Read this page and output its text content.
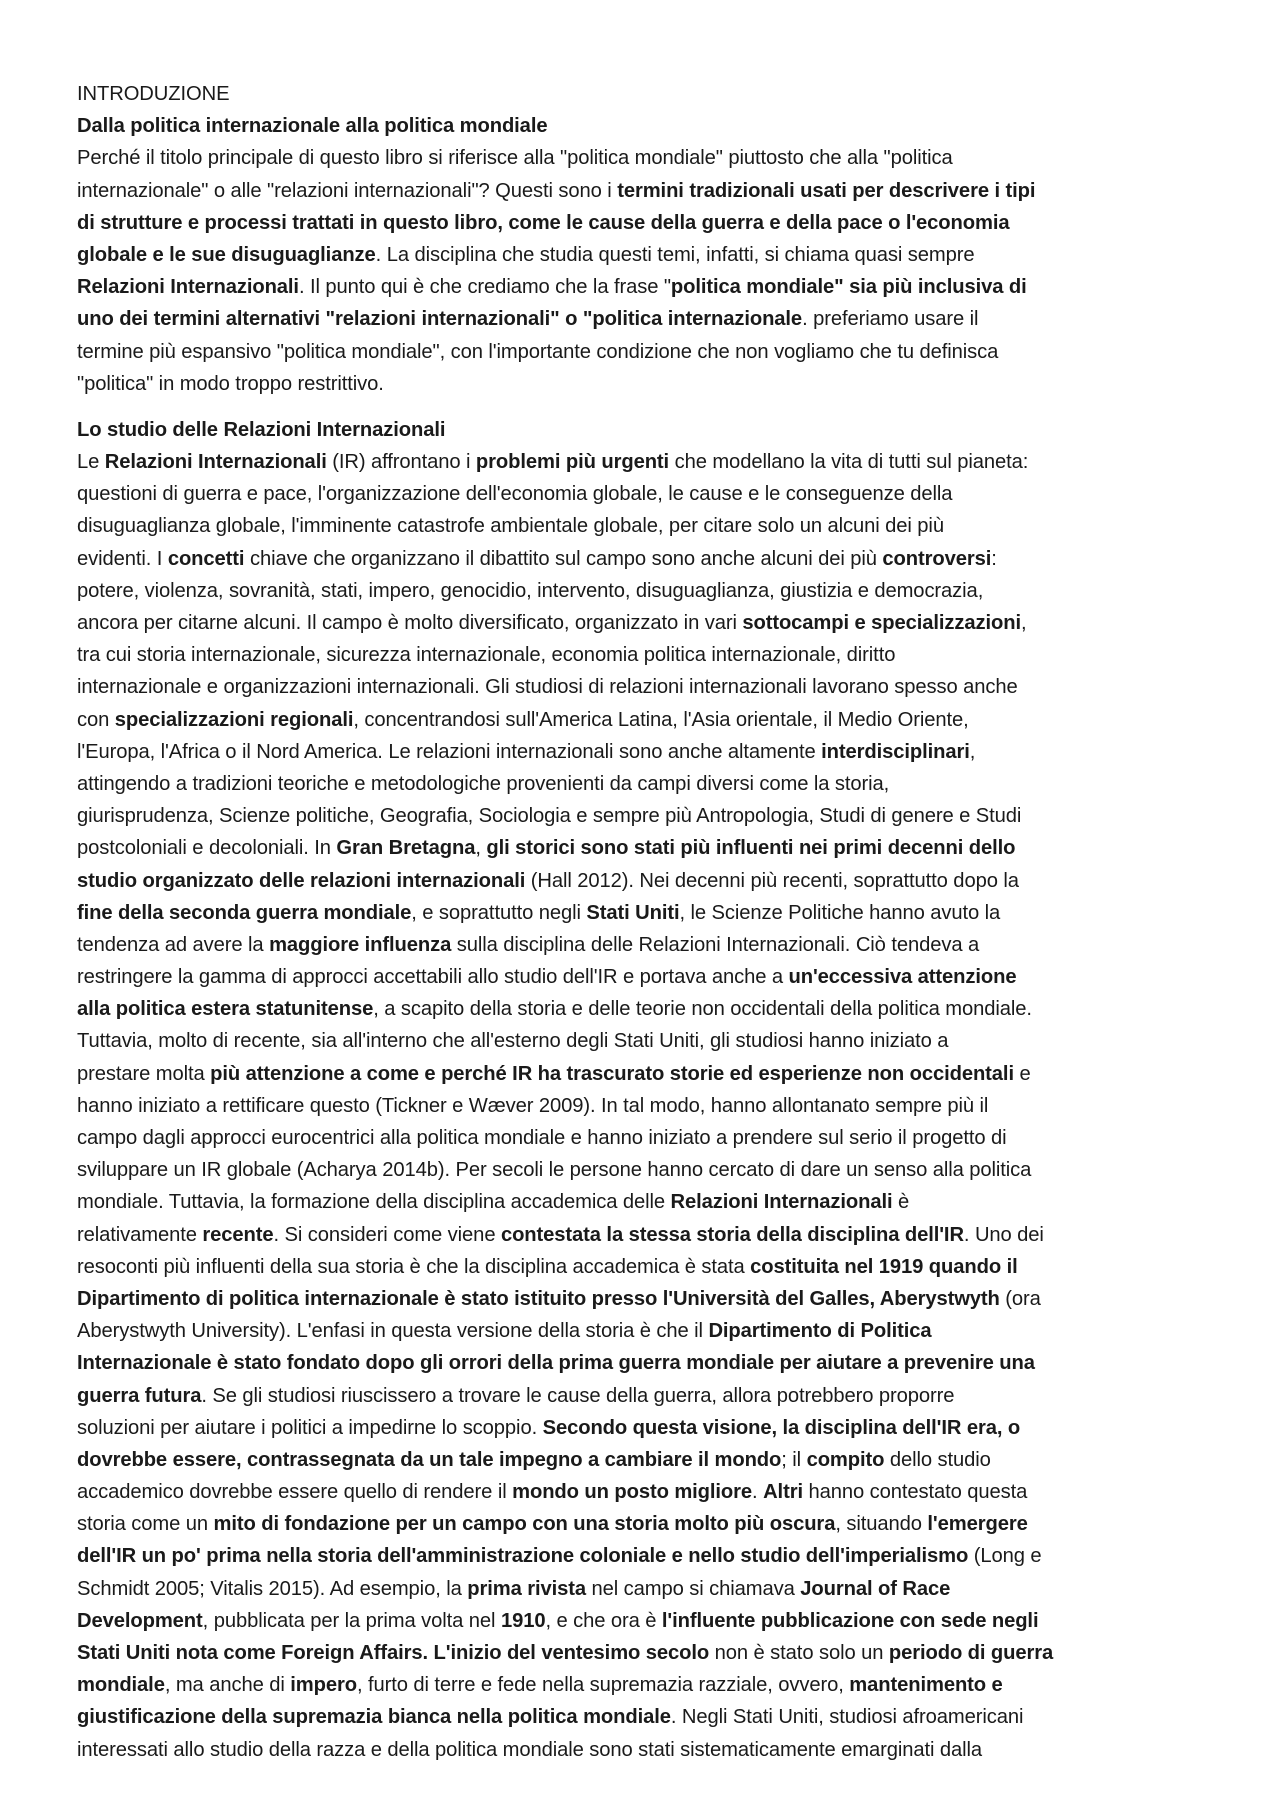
INTRODUZIONE
Dalla politica internazionale alla politica mondiale
Perché il titolo principale di questo libro si riferisce alla "politica mondiale" piuttosto che alla "politica
internazionale" o alle "relazioni internazionali"? Questi sono i termini tradizionali usati per descrivere i tipi
di strutture e processi trattati in questo libro, come le cause della guerra e della pace o l'economia
globale e le sue disuguaglianze. La disciplina che studia questi temi, infatti, si chiama quasi sempre
Relazioni Internazionali. Il punto qui è che crediamo che la frase "politica mondiale" sia più inclusiva di
uno dei termini alternativi "relazioni internazionali" o "politica internazionale. preferiamo usare il
termine più espansivo "politica mondiale", con l'importante condizione che non vogliamo che tu definisca
"politica" in modo troppo restrittivo.
Lo studio delle Relazioni Internazionali
Le Relazioni Internazionali (IR) affrontano i problemi più urgenti che modellano la vita di tutti sul pianeta:
questioni di guerra e pace, l'organizzazione dell'economia globale, le cause e le conseguenze della
disuguaglianza globale, l'imminente catastrofe ambientale globale, per citare solo un alcuni dei più
evidenti. I concetti chiave che organizzano il dibattito sul campo sono anche alcuni dei più controversi:
potere, violenza, sovranità, stati, impero, genocidio, intervento, disuguaglianza, giustizia e democrazia,
ancora per citarne alcuni. Il campo è molto diversificato, organizzato in vari sottocampi e specializzazioni,
tra cui storia internazionale, sicurezza internazionale, economia politica internazionale, diritto
internazionale e organizzazioni internazionali. Gli studiosi di relazioni internazionali lavorano spesso anche
con specializzazioni regionali, concentrandosi sull'America Latina, l'Asia orientale, il Medio Oriente,
l'Europa, l'Africa o il Nord America. Le relazioni internazionali sono anche altamente interdisciplinari,
attingendo a tradizioni teoriche e metodologiche provenienti da campi diversi come la storia,
giurisprudenza, Scienze politiche, Geografia, Sociologia e sempre più Antropologia, Studi di genere e Studi
postcoloniali e decoloniali. In Gran Bretagna, gli storici sono stati più influenti nei primi decenni dello
studio organizzato delle relazioni internazionali (Hall 2012). Nei decenni più recenti, soprattutto dopo la
fine della seconda guerra mondiale, e soprattutto negli Stati Uniti, le Scienze Politiche hanno avuto la
tendenza ad avere la maggiore influenza sulla disciplina delle Relazioni Internazionali. Ciò tendeva a
restringere la gamma di approcci accettabili allo studio dell'IR e portava anche a un'eccessiva attenzione
alla politica estera statunitense, a scapito della storia e delle teorie non occidentali della politica mondiale.
Tuttavia, molto di recente, sia all'interno che all'esterno degli Stati Uniti, gli studiosi hanno iniziato a
prestare molta più attenzione a come e perché IR ha trascurato storie ed esperienze non occidentali e
hanno iniziato a rettificare questo (Tickner e Wæver 2009). In tal modo, hanno allontanato sempre più il
campo dagli approcci eurocentrici alla politica mondiale e hanno iniziato a prendere sul serio il progetto di
sviluppare un IR globale (Acharya 2014b). Per secoli le persone hanno cercato di dare un senso alla politica
mondiale. Tuttavia, la formazione della disciplina accademica delle Relazioni Internazionali è
relativamente recente. Si consideri come viene contestata la stessa storia della disciplina dell'IR. Uno dei
resoconti più influenti della sua storia è che la disciplina accademica è stata costituita nel 1919 quando il
Dipartimento di politica internazionale è stato istituito presso l'Università del Galles, Aberystwyth (ora
Aberystwyth University). L'enfasi in questa versione della storia è che il Dipartimento di Politica
Internazionale è stato fondato dopo gli orrori della prima guerra mondiale per aiutare a prevenire una
guerra futura. Se gli studiosi riuscissero a trovare le cause della guerra, allora potrebbero proporre
soluzioni per aiutare i politici a impedirne lo scoppio. Secondo questa visione, la disciplina dell'IR era, o
dovrebbe essere, contrassegnata da un tale impegno a cambiare il mondo; il compito dello studio
accademico dovrebbe essere quello di rendere il mondo un posto migliore. Altri hanno contestato questa
storia come un mito di fondazione per un campo con una storia molto più oscura, situando l'emergere
dell'IR un po' prima nella storia dell'amministrazione coloniale e nello studio dell'imperialismo (Long e
Schmidt 2005; Vitalis 2015). Ad esempio, la prima rivista nel campo si chiamava Journal of Race
Development, pubblicata per la prima volta nel 1910, e che ora è l'influente pubblicazione con sede negli
Stati Uniti nota come Foreign Affairs. L'inizio del ventesimo secolo non è stato solo un periodo di guerra
mondiale, ma anche di impero, furto di terre e fede nella supremazia razziale, ovvero, mantenimento e
giustificazione della supremazia bianca nella politica mondiale. Negli Stati Uniti, studiosi afroamericani
interessati allo studio della razza e della politica mondiale sono stati sistematicamente emarginati dalla
